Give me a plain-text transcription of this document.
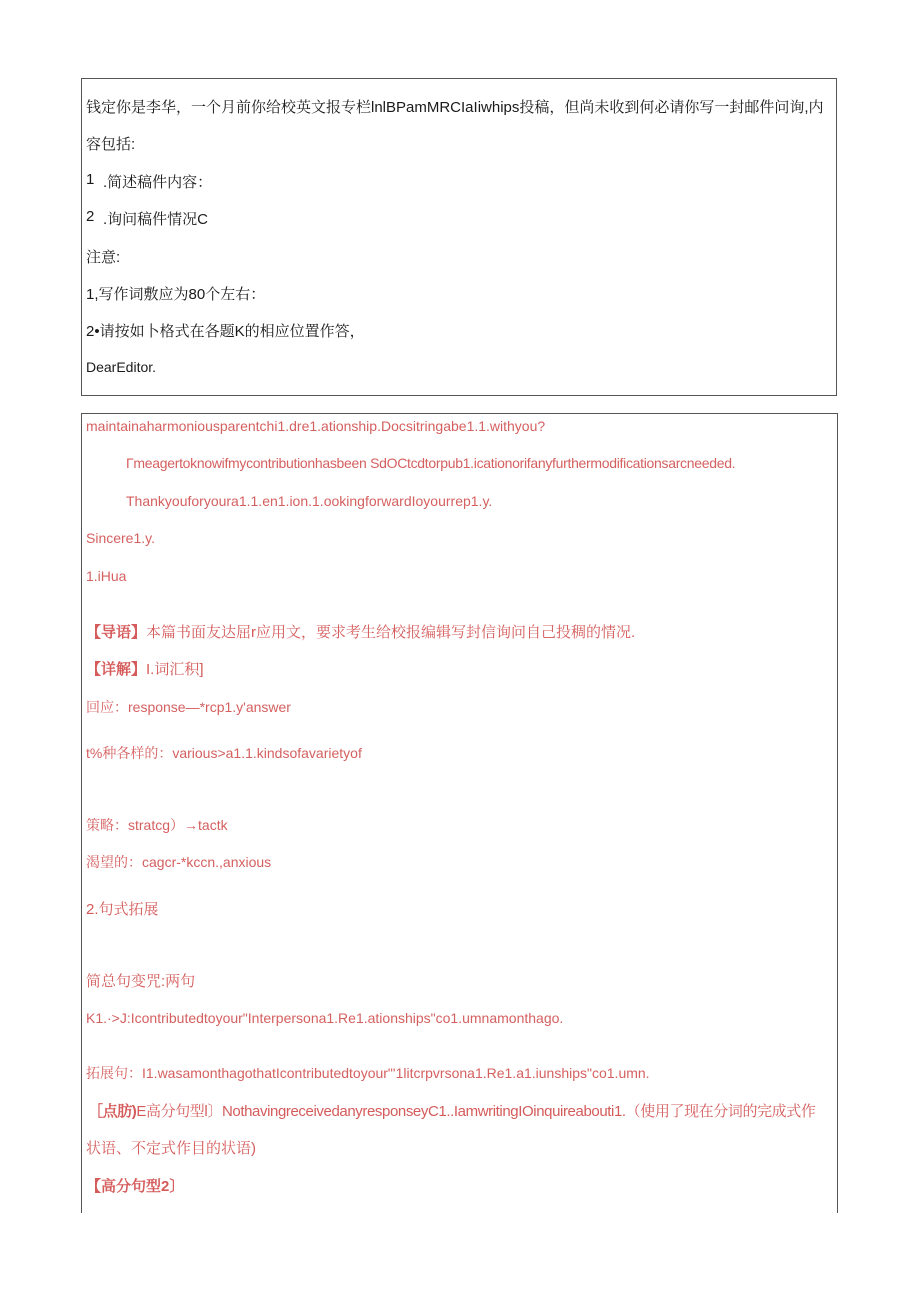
钱定你是李华，一个月前你给校英文报专栏lnlBPamMRCIaIiwhips投稿，但尚未收到何必请你写一封邮件问询,内
容包括:
1 .简述稿件内容：
2 .询问稿件情况C
注意:
1,写作词敷应为80个左右：
2•请按如卜格式在各题K的相应位置作答，
DearEditor.
maintainaharmoniousparentchi1.dre1.ationship.Docsitringabe1.1.withyou?
Γmeagertoknowifmycontributionhasbeen SdOCtcdtorpub1.icationorifanyfurthermodificationsarcneeded.
Thankyouforyoura1.1.en1.ion.1.ookingforwardIoyourrep1.y.
Sincere1.y.
1.iHua
【导语】本篇书面友达屈r应用文，要求考生给校报编辑写封信询问自己投稠的情况.
【详解】I.词汇积]
回应：response—*rcp1.y'answer
t%种各样的：various>a1.1.kindsofavarietyof
策略：stratcg）→tactk
渴望的：cagcr-*kccn.,anxious
2.句式拓展
简总句变咒:两句
K1.·>J:Icontributedtoyour"Interpersona1.Re1.ationships"co1.umnamonthago.
拓展句：I1.wasamonthagothatIcontributedtoyour"'1litcrpvrsona1.Re1.a1.iunships"co1.umn.
［点肪)E高分句型l〕NothavingreceivedanyresponseyC1..IamwritingIOinquireabouti1.（使用了现在分词的完成式作
状语、不定式作目的状语)
【高分句型2〕
